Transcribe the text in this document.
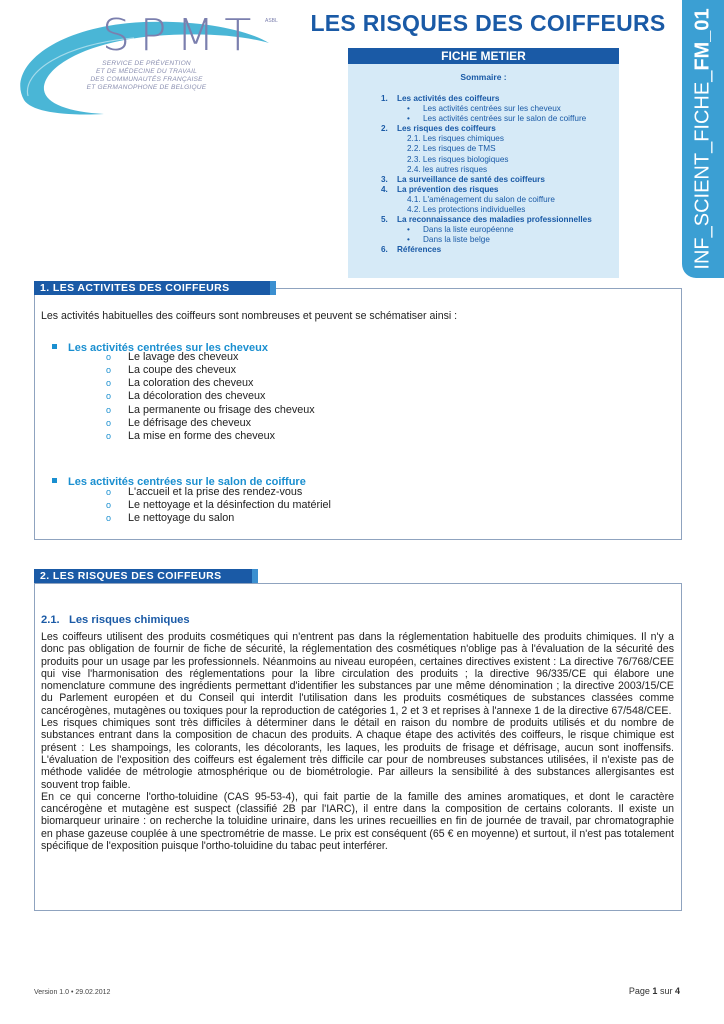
SPMT ASBL
SERVICE DE PRÉVENTION
ET DE MÉDECINE DU TRAVAIL
DES COMMUNAUTÉS FRANÇAISE
ET GERMANOPHONE DE BELGIQUE
LES RISQUES DES COIFFEURS
INF_SCIENT_FICHE_FM_01
FICHE METIER
Sommaire :
1. Les activités des coiffeurs
• Les activités centrées sur les cheveux
• Les activités centrées sur le salon de coiffure
2. Les risques des coiffeurs
2.1. Les risques chimiques
2.2. Les risques de TMS
2.3. Les risques biologiques
2.4. les autres risques
3. La surveillance de santé des coiffeurs
4. La prévention des risques
4.1. L'aménagement du salon de coiffure
4.2. Les protections individuelles
5. La reconnaissance des maladies professionnelles
• Dans la liste européenne
• Dans la liste belge
6. Références
1. LES ACTIVITES DES COIFFEURS
Les activités habituelles des coiffeurs sont nombreuses et peuvent se schématiser ainsi :
Les activités centrées sur les cheveux
o Le lavage des cheveux
o La coupe des cheveux
o La coloration des cheveux
o La décoloration des cheveux
o La permanente ou frisage des cheveux
o Le défrisage des cheveux
o La mise en forme des cheveux
Les activités centrées sur le salon de coiffure
o L'accueil et la prise des rendez-vous
o Le nettoyage et la désinfection du matériel
o Le nettoyage du salon
2. LES RISQUES DES COIFFEURS
2.1. Les risques chimiques

Les coiffeurs utilisent des produits cosmétiques qui n'entrent pas dans la réglementation habituelle des produits chimiques. Il n'y a donc pas obligation de fournir de fiche de sécurité, la réglementation des cosmétiques n'oblige pas à l'évaluation de la sécurité des produits pour un usage par les professionnels. Néanmoins au niveau européen, certaines directives existent : La directive 76/768/CEE qui vise l'harmonisation des réglementations pour la libre circulation des produits ; la directive 96/335/CE qui élabore une nomenclature commune des ingrédients permettant d'identifier les substances par une même dénomination ; la directive 2003/15/CE du Parlement européen et du Conseil qui interdit l'utilisation dans les produits cosmétiques de substances classées comme cancérogènes, mutagènes ou toxiques pour la reproduction de catégories 1, 2 et 3 et reprises à l'annexe 1 de la directive 67/548/CEE.

Les risques chimiques sont très difficiles à déterminer dans le détail en raison du nombre de produits utilisés et du nombre de substances entrant dans la composition de chacun des produits. A chaque étape des activités des coiffeurs, le risque chimique est présent : Les shampoings, les colorants, les décolorants, les laques, les produits de frisage et défrisage, aucun sont inoffensifs. L'évaluation de l'exposition des coiffeurs est également très difficile car pour de nombreuses substances utilisées, il n'existe pas de méthode validée de métrologie atmosphérique ou de biométrologie. Par ailleurs la sensibilité à des substances allergisantes est souvent trop faible.

En ce qui concerne l'ortho-toluidine (CAS 95-53-4), qui fait partie de la famille des amines aromatiques, et dont le caractère cancérogène et mutagène est suspect (classifié 2B par l'IARC), il entre dans la composition de certains colorants. Il existe un biomarqueur urinaire : on recherche la toluidine urinaire, dans les urines recueillies en fin de journée de travail, par chromatographie en phase gazeuse couplée à une spectrométrie de masse. Le prix est conséquent (65 € en moyenne) et surtout, il n'est pas totalement spécifique de l'exposition puisque l'ortho-toluidine du tabac peut interférer.

Version 1.0 • 29.02.2012	Page 1 sur 4
